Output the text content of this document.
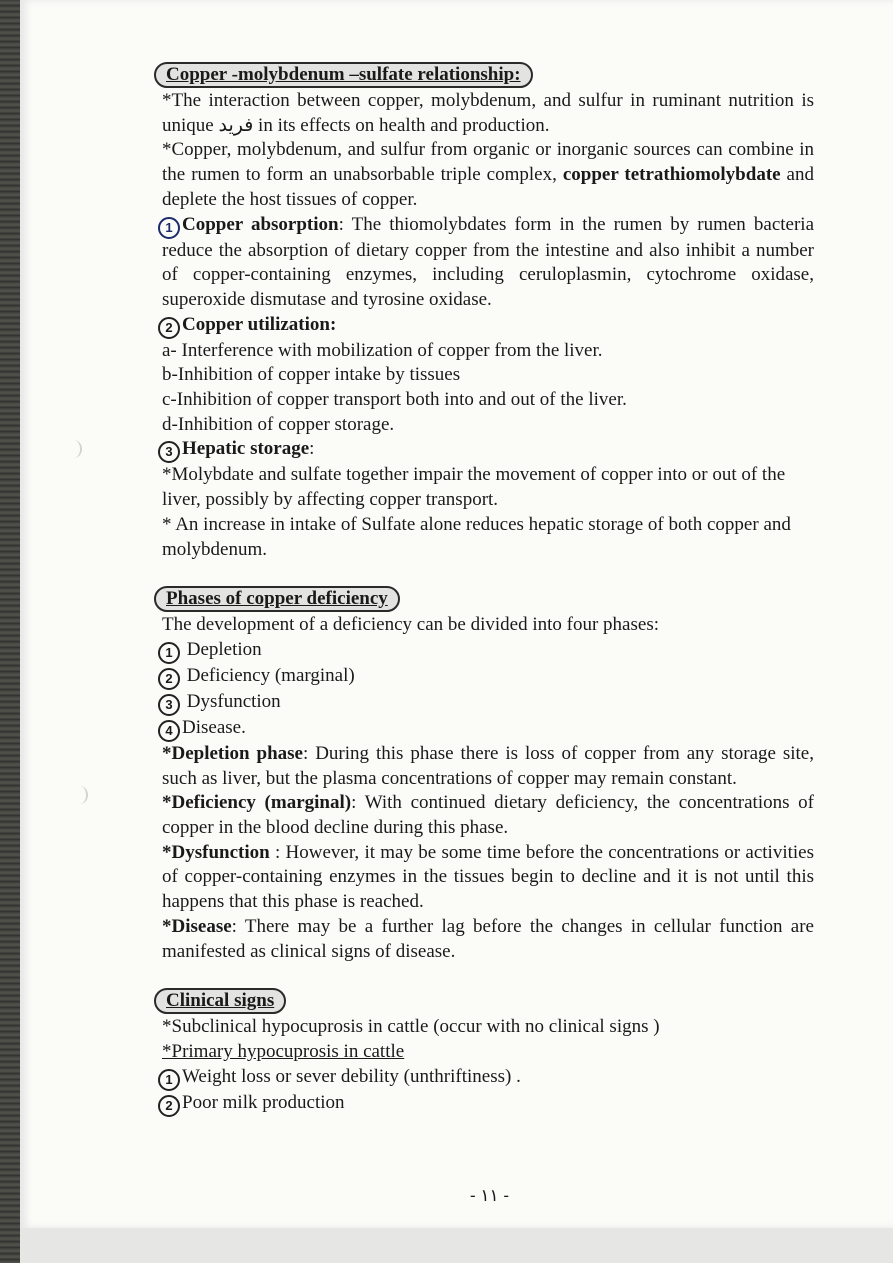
Copper -molybdenum –sulfate relationship:

*The interaction between copper, molybdenum, and sulfur in ruminant nutrition is unique فريد in its effects on health and production.

*Copper, molybdenum, and sulfur from organic or inorganic sources can combine in the rumen to form an unabsorbable triple complex, copper tetrathiomolybdate and deplete the host tissues of copper.

1 Copper absorption: The thiomolybdates form in the rumen by rumen bacteria reduce the absorption of dietary copper from the intestine and also inhibit a number of copper-containing enzymes, including ceruloplasmin, cytochrome oxidase, superoxide dismutase and tyrosine oxidase.

2 Copper utilization:

a- Interference with mobilization of copper from the liver.

b-Inhibition of copper intake by tissues

c-Inhibition of copper transport both into and out of the liver.

d-Inhibition of copper storage.

3 Hepatic storage:

*Molybdate and sulfate together impair the movement of copper into or out of the liver, possibly by affecting copper transport.

* An increase in intake of Sulfate alone reduces hepatic storage of both copper and molybdenum.

Phases of copper deficiency

The development of a deficiency can be divided into four phases:

1 Depletion

2 Deficiency (marginal)

3 Dysfunction

4 Disease.

*Depletion phase: During this phase there is loss of copper from any storage site, such as liver, but the plasma concentrations of copper may remain constant.

*Deficiency (marginal): With continued dietary deficiency, the concentrations of copper in the blood decline during this phase.

*Dysfunction : However, it may be some time before the concentrations or activities of copper-containing enzymes in the tissues begin to decline and it is not until this happens that this phase is reached.

*Disease: There may be a further lag before the changes in cellular function are manifested as clinical signs of disease.

Clinical signs

*Subclinical hypocuprosis in cattle (occur with no clinical signs )

*Primary hypocuprosis in cattle

1 Weight loss or sever debility (unthriftiness) .

2 Poor milk production

- ١١ -
